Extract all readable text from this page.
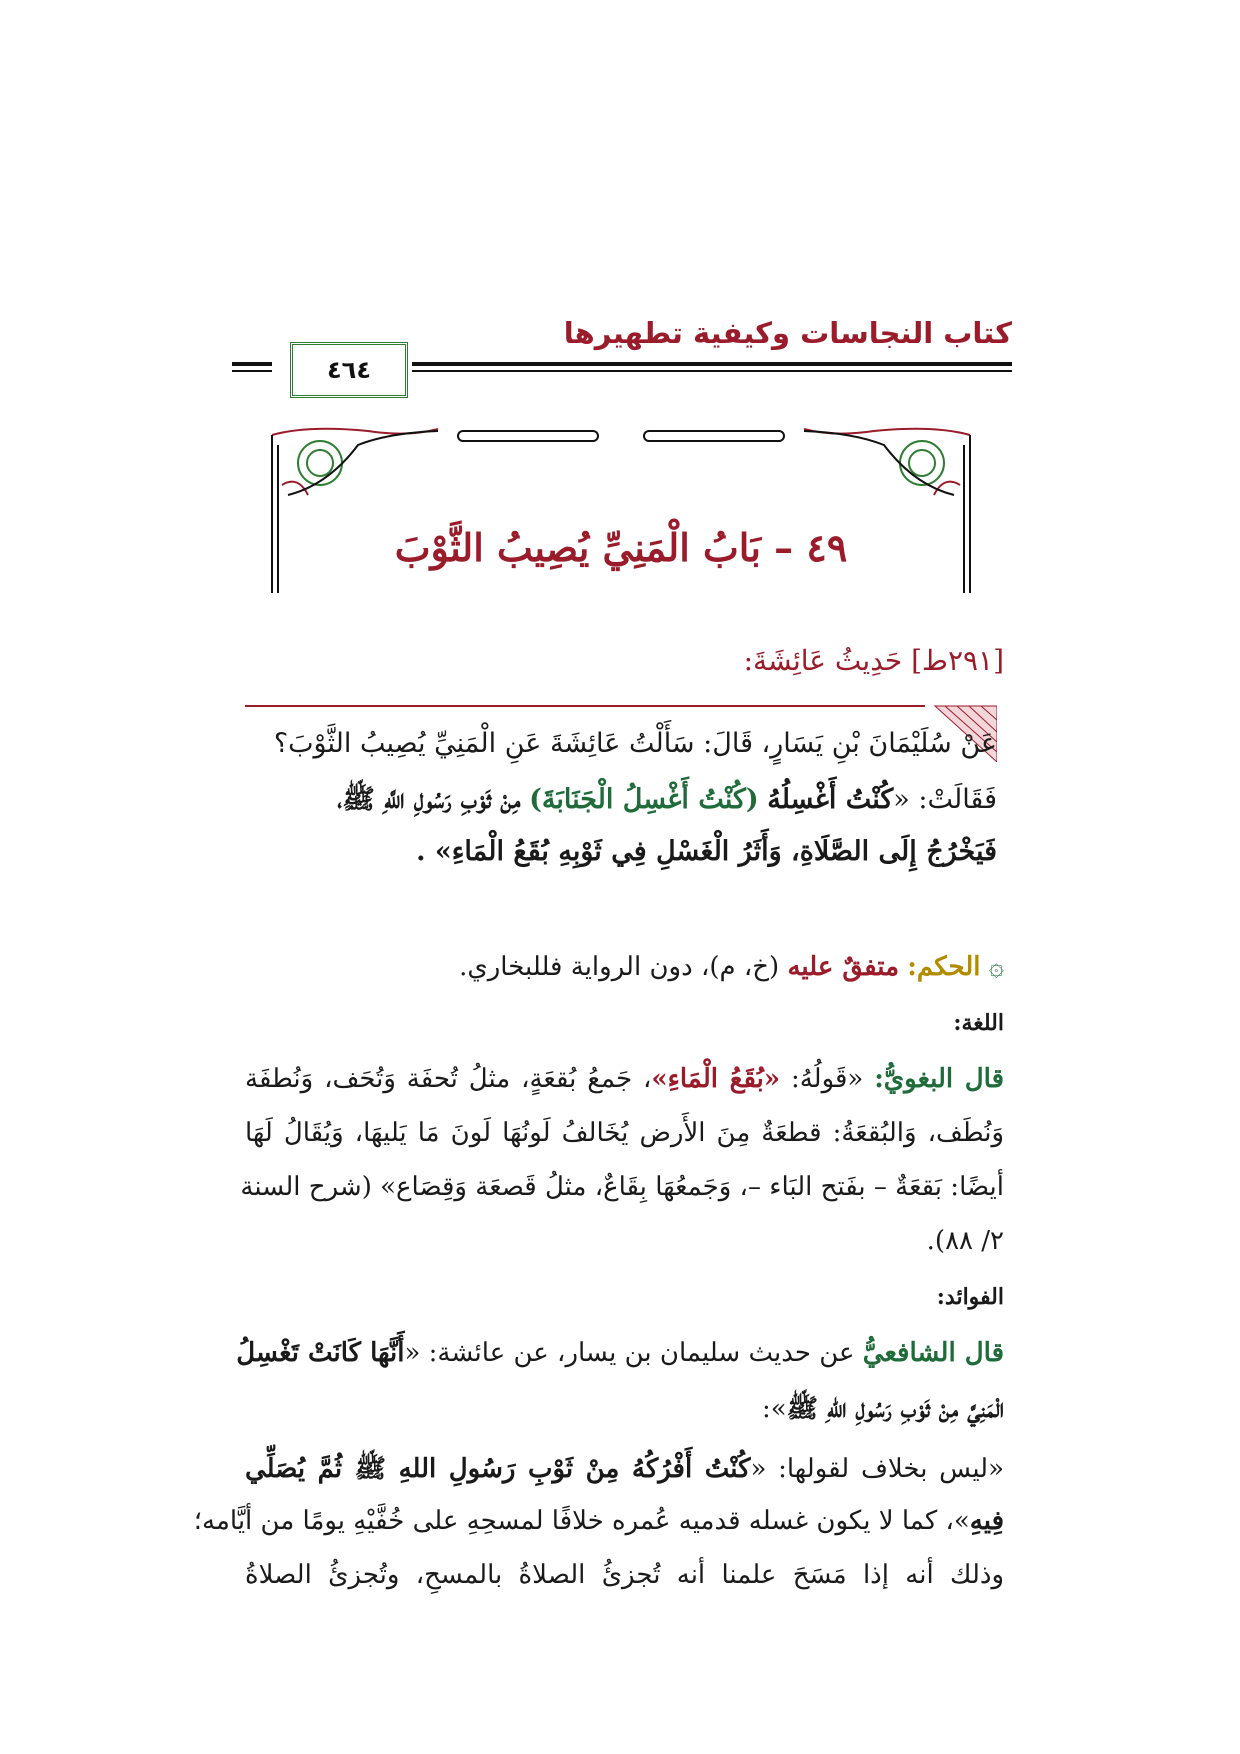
كتاب النجاسات وكيفية تطهيرها
٤٦٤
٤٩ – بَابُ الْمَنِيِّ يُصِيبُ الثَّوْبَ
[٢٩١ط] حَدِيثُ عَائِشَةَ:
عَنْ سُلَيْمَانَ بْنِ يَسَارٍ، قَالَ: سَأَلْتُ عَائِشَةَ عَنِ الْمَنِيِّ يُصِيبُ الثَّوْبَ؟
فَقَالَتْ: «كُنْتُ أَغْسِلُهُ (كُنْتُ أَغْسِلُ الْجَنَابَةَ) مِنْ ثَوْبِ رَسُولِ اللَّهِ ﷺ،
فَيَخْرُجُ إِلَى الصَّلَاةِ، وَأَثَرُ الْغَسْلِ فِي ثَوْبِهِ بُقَعُ الْمَاءِ» .
۞ الحكم: متفقٌ عليه (خ، م)، دون الرواية فللبخاري.
اللغة:
قال البغويُّ: «قَولُهُ: «بُقَعُ الْمَاءِ»، جَمعُ بُقعَةٍ، مثلُ تُحفَة وَتُحَف، وَنُطفَة
وَنُطَف، وَالبُقعَةُ: قطعَةٌ مِنَ الأَرض يُخَالفُ لَونُهَا لَونَ مَا يَليهَا، وَيُقَالُ لَهَا
أيضًا: بَقعَةٌ – بفَتح البَاء –، وَجَمعُهَا بِقَاعٌ، مثلُ قَصعَة وَقِصَاع» (شرح السنة
٢/ ٨٨).
الفوائد:
قال الشافعيُّ عن حديث سليمان بن يسار، عن عائشة: «أَنَّهَا كَانَتْ تَغْسِلُ
الْمَنِيَّ مِنْ ثَوْبِ رَسُولِ اللهِ ﷺ»:
«ليس بخلاف لقولها: «كُنْتُ أَفْرُكُهُ مِنْ ثَوْبِ رَسُولِ اللهِ ﷺ ثُمَّ يُصَلِّي
فِيهِ»، كما لا يكون غسله قدميه عُمره خلافًا لمسحِهِ على خُفَّيْهِ يومًا من أيَّامه؛
وذلك أنه إذا مَسَحَ علمنا أنه تُجزئُ الصلاةُ بالمسحِ، وتُجزئُ الصلاةُ
